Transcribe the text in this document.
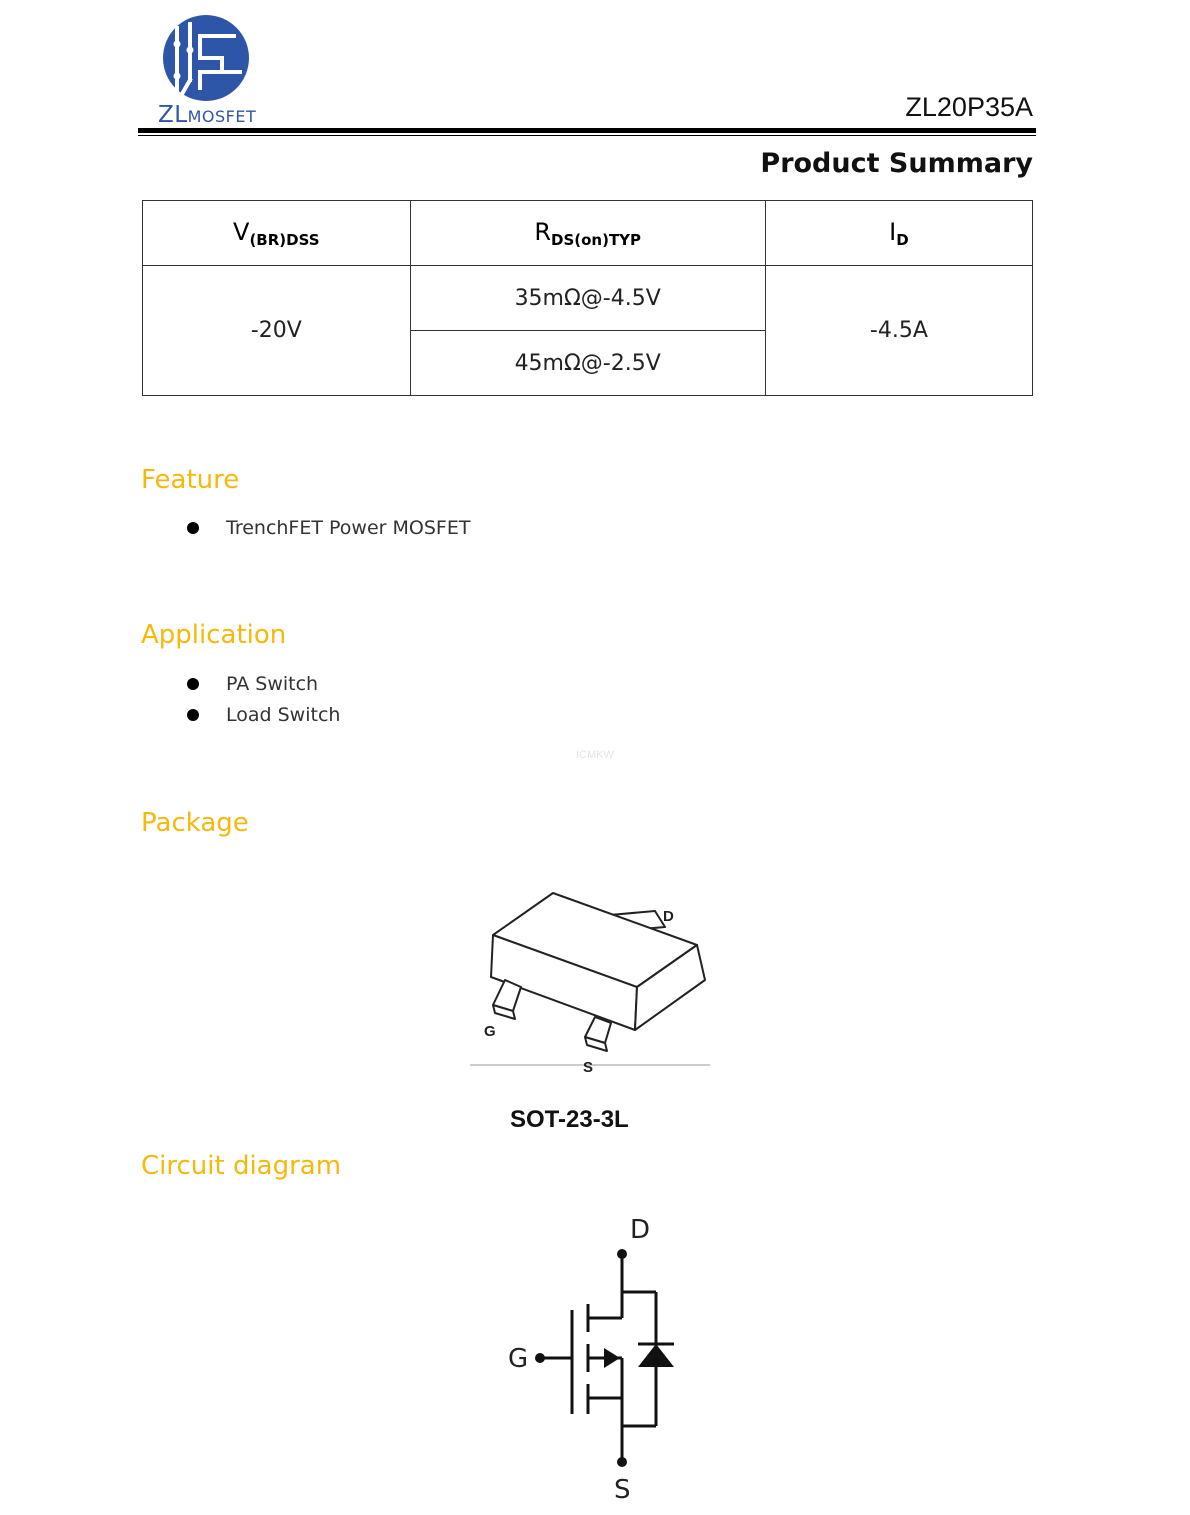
ZLMOSFET	ZL20P35A
Product Summary
$V_{(BR)DSS}$	$R_{DS(on)TYP}$	$I_D$
-20V	35mΩ@-4.5V	-4.5A
	45mΩ@-2.5V	
Feature
TrenchFET Power MOSFET
Application
PA Switch
Load Switch
ICMKW
Package
D
G
S
SOT-23-3L
Circuit diagram
D
G
S
